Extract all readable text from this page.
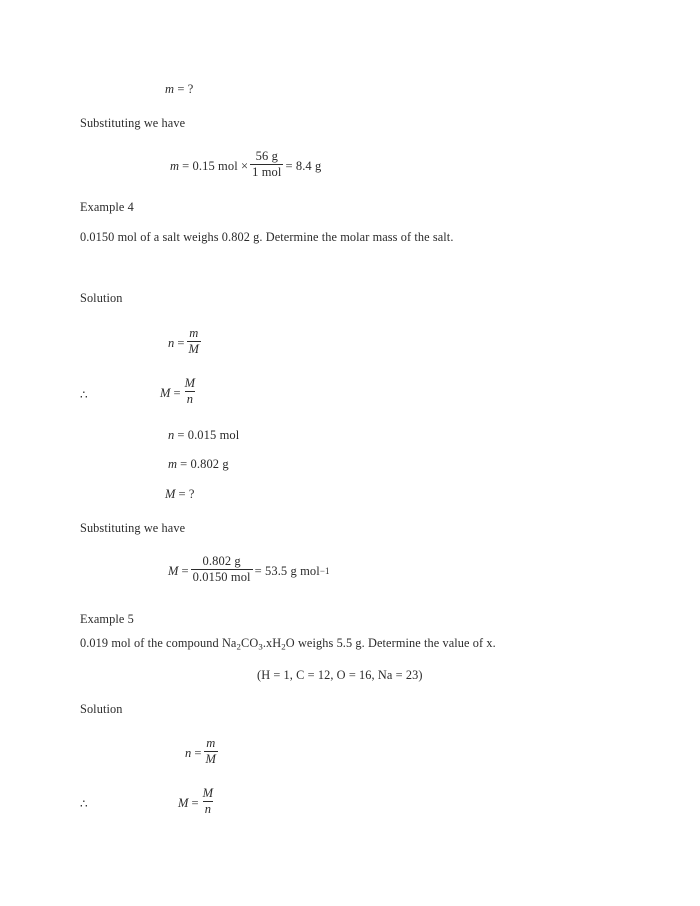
m = ?
Substituting we have
m = 0.15 mol × $\frac{56 g}{\text{1 mol}} = 8.4$ g
Example 4
0.0150 mol of a salt weighs 0.802 g. Determine the molar mass of the salt.
Solution
$n = \frac{m}{M}$
∴	$M = \frac{M}{n}$
n = 0.015 mol
m = 0.802 g
M = ?
Substituting we have
$M = \frac{0.802 g}{\text{0.0150 mol}} = 53.5$ g mol −1
Example 5
0.019 mol of the compound $Na_2CO_3.xH_2O$ weighs 5.5 g. Determine the value of x.
(H = 1, C = 12, O = 16, Na = 23)
Solution
$n = \frac{m}{M}$
∴	$M = \frac{M}{n}$
